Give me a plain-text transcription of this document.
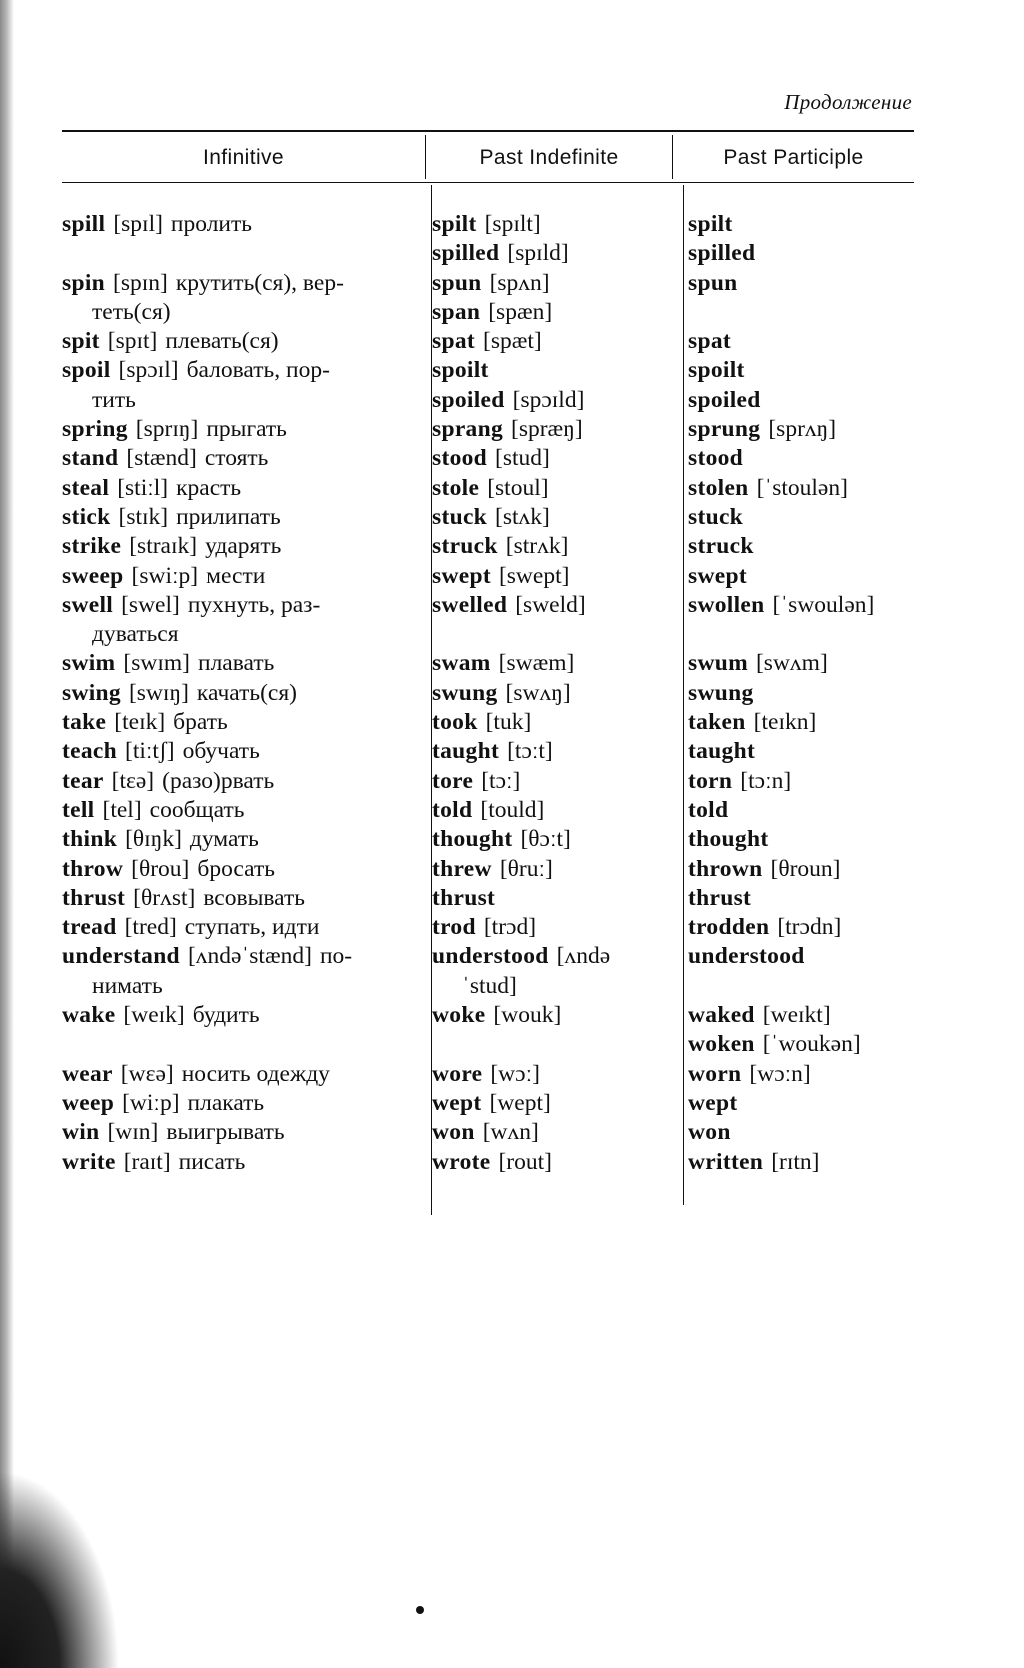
Продолжение
Infinitive	Past Indefinite	Past Participle
spill [spɪl] пролить
spin [spɪn] крутить(ся), вер-
теть(ся)
spit [spɪt] плевать(ся)
spoil [spɔɪl] баловать, пор-
тить
spring [sprɪŋ] прыгать
stand [stænd] стоять
steal [stiːl] красть
stick [stɪk] прилипать
strike [straɪk] ударять
sweep [swiːp] мести
swell [swel] пухнуть, раз-
дуваться
swim [swɪm] плавать
swing [swɪŋ] качать(ся)
take [teɪk] брать
teach [tiːtʃ] обучать
tear [tɛə] (разо)рвать
tell [tel] сообщать
think [θɪŋk] думать
throw [θrou] бросать
thrust [θrʌst] всовывать
tread [tred] ступать, идти
understand [ʌndəˈstænd] по-
нимать
wake [weɪk] будить
wear [wɛə] носить одежду
weep [wiːp] плакать
win [wɪn] выигрывать
write [raɪt] писать
spilt [spɪlt]
spilled [spɪld]
spun [spʌn]
span [spæn]
spat [spæt]
spoilt
spoiled [spɔɪld]
sprang [spræŋ]
stood [stud]
stole [stoul]
stuck [stʌk]
struck [strʌk]
swept [swept]
swelled [sweld]
swam [swæm]
swung [swʌŋ]
took [tuk]
taught [tɔːt]
tore [tɔː]
told [tould]
thought [θɔːt]
threw [θruː]
thrust
trod [trɔd]
understood [ʌndə
ˈstud]
woke [wouk]
wore [wɔː]
wept [wept]
won [wʌn]
wrote [rout]
spilt
spilled
spun
spat
spoilt
spoiled
sprung [sprʌŋ]
stood
stolen [ˈstoulən]
stuck
struck
swept
swollen [ˈswoulən]
swum [swʌm]
swung
taken [teɪkn]
taught
torn [tɔːn]
told
thought
thrown [θroun]
thrust
trodden [trɔdn]
understood
waked [weɪkt]
woken [ˈwoukən]
worn [wɔːn]
wept
won
written [rɪtn]
